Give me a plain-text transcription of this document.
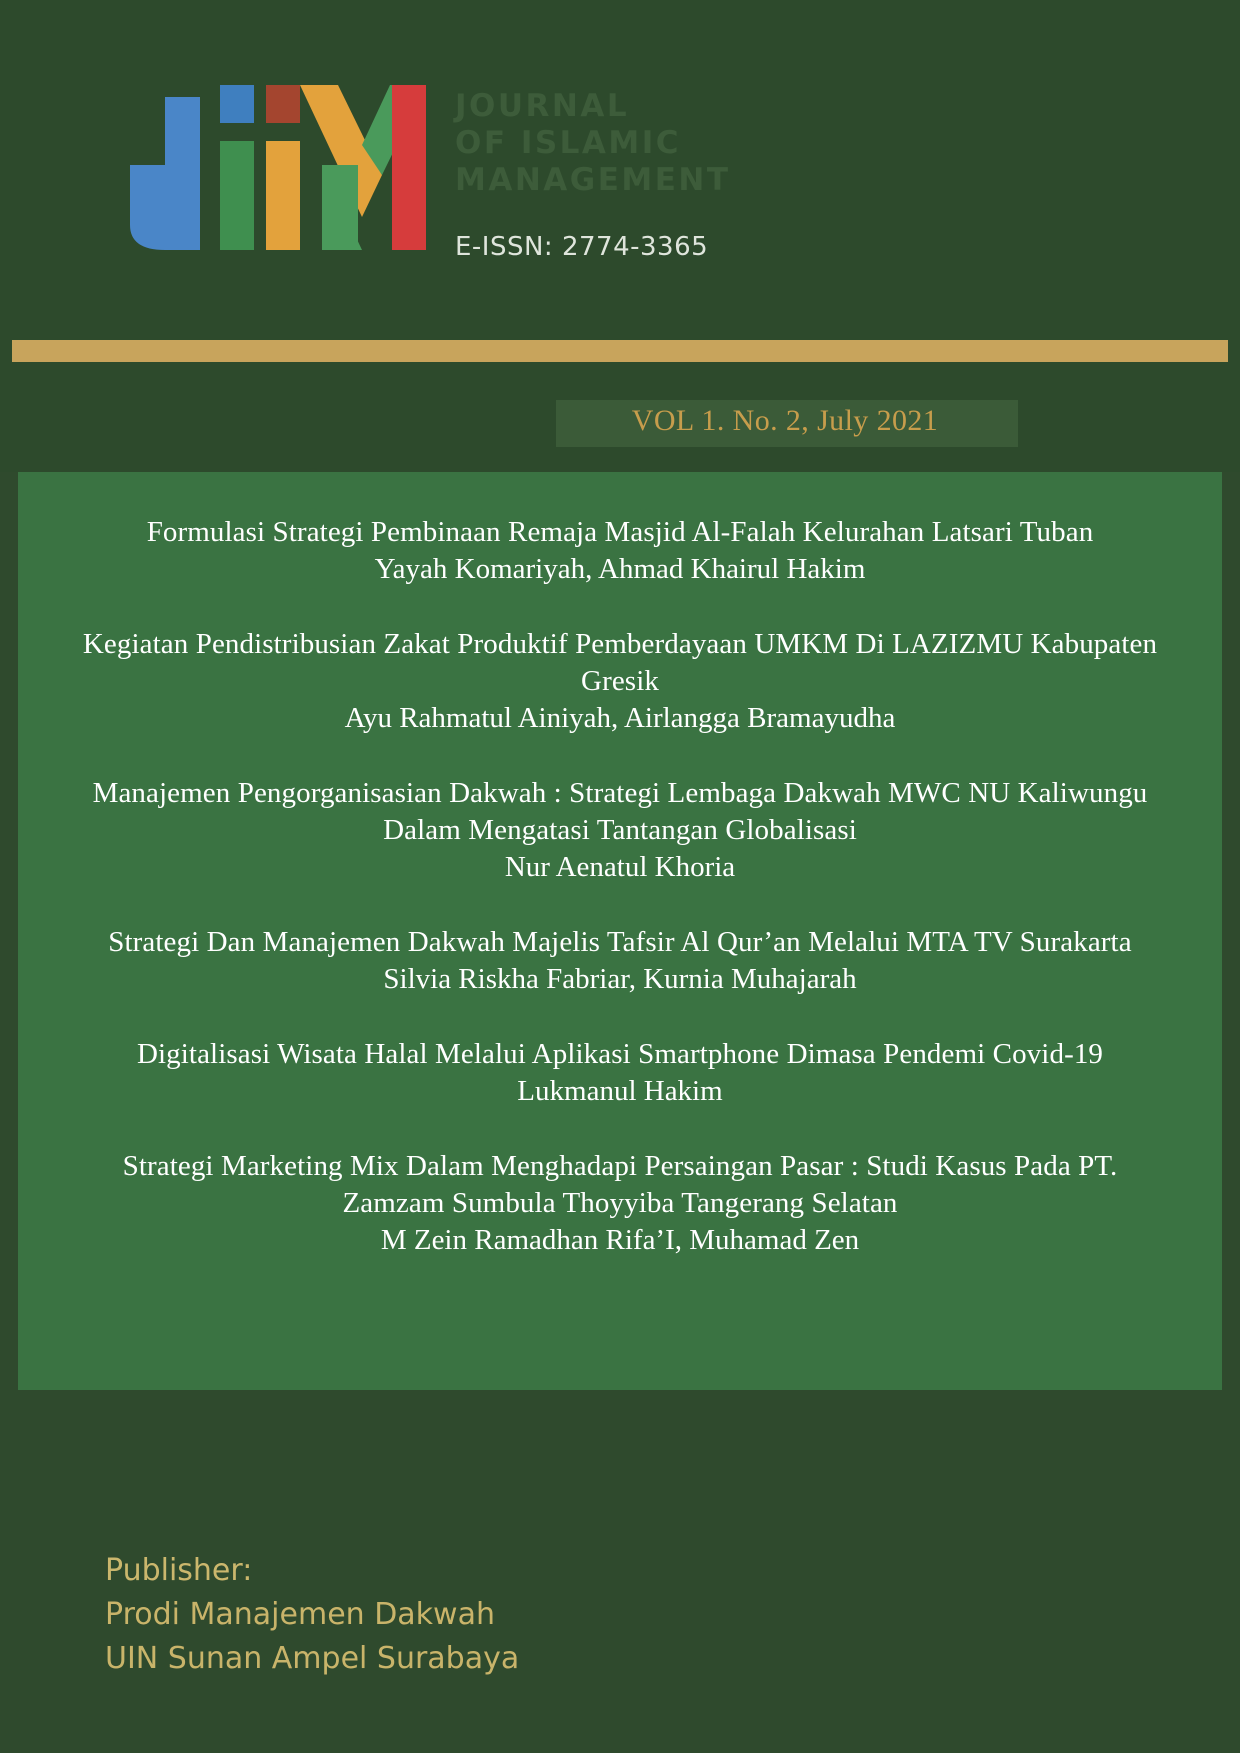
JOURNAL
OF ISLAMIC
MANAGEMENT
E-ISSN: 2774-3365
VOL 1. No. 2, July 2021
Formulasi Strategi Pembinaan Remaja Masjid Al-Falah Kelurahan Latsari Tuban
Yayah Komariyah, Ahmad Khairul Hakim
Kegiatan Pendistribusian Zakat Produktif Pemberdayaan UMKM Di LAZIZMU Kabupaten Gresik
Ayu Rahmatul Ainiyah, Airlangga Bramayudha
Manajemen Pengorganisasian Dakwah : Strategi Lembaga Dakwah MWC NU Kaliwungu Dalam Mengatasi Tantangan Globalisasi
Nur Aenatul Khoria
Strategi Dan Manajemen Dakwah Majelis Tafsir Al Qur’an Melalui MTA TV Surakarta
Silvia Riskha Fabriar, Kurnia Muhajarah
Digitalisasi Wisata Halal Melalui Aplikasi Smartphone Dimasa Pendemi Covid-19
Lukmanul Hakim
Strategi Marketing Mix Dalam Menghadapi Persaingan Pasar : Studi Kasus Pada PT. Zamzam Sumbula Thoyyiba Tangerang Selatan
M Zein Ramadhan Rifa’I, Muhamad Zen
Publisher:
Prodi Manajemen Dakwah
UIN Sunan Ampel Surabaya
